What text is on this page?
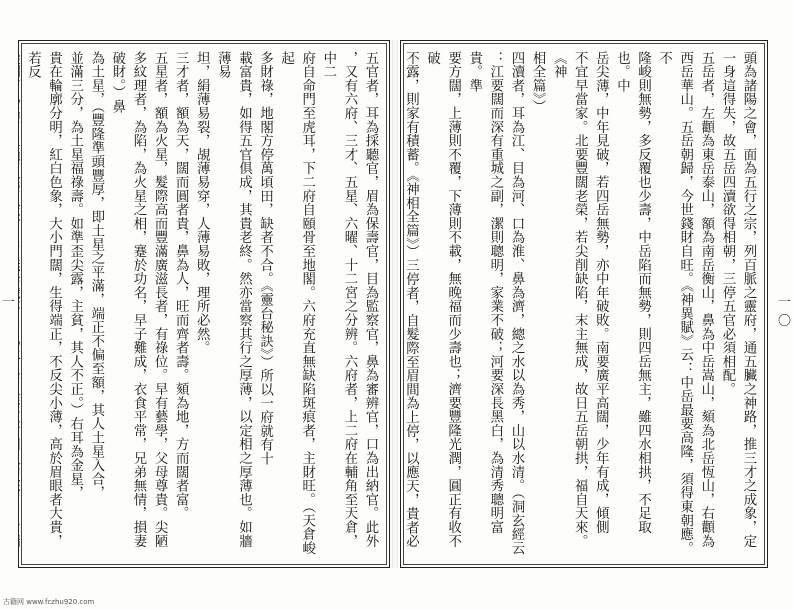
五官者，耳為採聽官，眉為保壽官，目為監察官，鼻為審辨官，口為出納官。此外
，又有六府、三才、五星、六曜、十二宮之分辨。六府者，上二府在輔角至天倉，中二
府自命門至虎耳，下二府自頤骨至地閣。六府充直無缺陷斑痕者，主財旺。（天倉峻起
多財祿，地閣方停萬頃田，缺者不合。《靈台秘訣》）所以一府就有十
載富貴，如得五官俱成，其貴老終。然亦當察其行之厚薄，以定相之厚薄也。如牆薄易
坦，絹薄易裂，覘薄易穿，人薄易敗，理所必然。
三才者，額為天，闊而圓者貴，鼻為人，旺而齊者壽。頦為地，方而闊者富。
五星者，額為火星，髮際高而豐滿廣滋長者，有祿位。早有藝學，父母尊貴。尖陋
多紋理者，為陷，為火星之相，蹇於功名，早子難成，衣食平常，兄弟無情，損妻破財。）鼻
為土星，（豐隆準頭豐厚，即土星之平滿，端正不偏至額，其人土星入合，
並滿三分，為土星福祿壽。如準歪尖露，主貧，其人不正。）右耳為金星，
貴在輪廓分明，紅白色象，大小門闊，生得端正，不反尖小薄，高於眉眼者大貴，若反	頭為諸陽之會，面為五行之宗，列百脈之靈府，通五臟之神路，推三才之成象，定
一身這得失，故五岳四瀆欲得相朝，三停五官必須相配。
五岳者，左顴為東岳泰山，額為南岳衡山，鼻為中岳嵩山，頦為北岳恆山，右顴為
西岳華山。五岳朝歸，今世錢財自旺。《神異賦》云：中岳最要高隆，須得東朝應。不
隆峻則無勢，多反覆也少壽，中岳陷而無勢，則四岳無主，雖四水相拱，不足取也。中
岳尖薄，中年見破，若四岳無勢，亦中年破敗。南要廣平高闊，少年有成，傾側
不宜早當家。北要豐闊老榮，若尖削缺陷，末主無成，故日五岳朝拱，福自天來。《神
相全篇》）
四瀆者，耳為江、目為河、口為淮、鼻為濟，總之水以為秀，山以水清。（洞玄經云
：江要闊而深有重城之副，潔則聰明，家業不破；河要深長黑白，為清秀聰明富貴。準
要方闊，上薄則不覆，下薄則不載，無晚福而少壽也；濟要豐隆光潤，圓正有收不破
不露，則家有積蓄。《神相全篇》）三停者，自髮際至眉間為上停，以應天，貴者必
一	一〇
古籍网 www.fczhu920.com
